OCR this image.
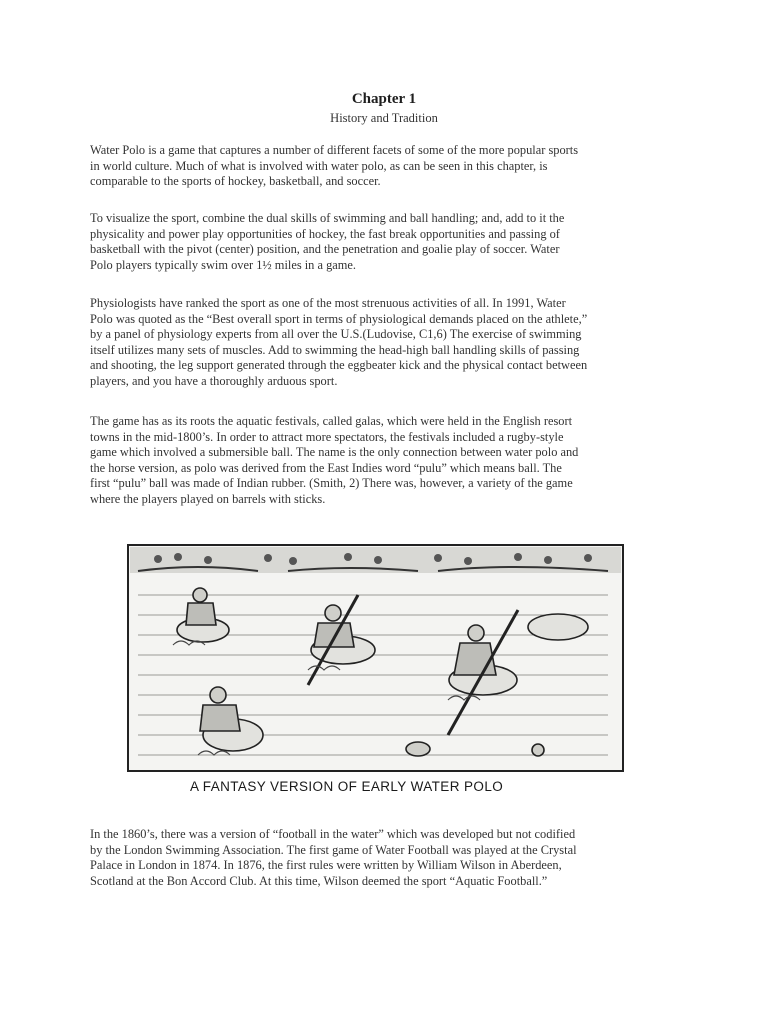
Chapter 1
History and Tradition

Water Polo is a game that captures a number of different facets of some of the more popular sports
in world culture. Much of what is involved with water polo, as can be seen in this chapter, is
comparable to the sports of hockey, basketball, and soccer.

To visualize the sport, combine the dual skills of swimming and ball handling; and, add to it the
physicality and power play opportunities of hockey, the fast break opportunities and passing of
basketball with the pivot (center) position, and the penetration and goalie play of soccer. Water
Polo players typically swim over 1½ miles in a game.

Physiologists have ranked the sport as one of the most strenuous activities of all. In 1991, Water
Polo was quoted as the “Best overall sport in terms of physiological demands placed on the athlete,”
by a panel of physiology experts from all over the U.S.(Ludovise, C1,6) The exercise of swimming
itself utilizes many sets of muscles. Add to swimming the head-high ball handling skills of passing
and shooting, the leg support generated through the eggbeater kick and the physical contact between
players, and you have a thoroughly arduous sport.

The game has as its roots the aquatic festivals, called galas, which were held in the English resort
towns in the mid-1800’s. In order to attract more spectators, the festivals included a rugby-style
game which involved a submersible ball. The name is the only connection between water polo and
the horse version, as polo was derived from the East Indies word “pulu” which means ball. The
first “pulu” ball was made of Indian rubber. (Smith, 2) There was, however, a variety of the game
where the players played on barrels with sticks.

A FANTASY VERSION OF EARLY WATER POLO

In the 1860’s, there was a version of “football in the water” which was developed but not codified
by the London Swimming Association. The first game of Water Football was played at the Crystal
Palace in London in 1874. In 1876, the first rules were written by William Wilson in Aberdeen,
Scotland at the Bon Accord Club. At this time, Wilson deemed the sport “Aquatic Football.”
